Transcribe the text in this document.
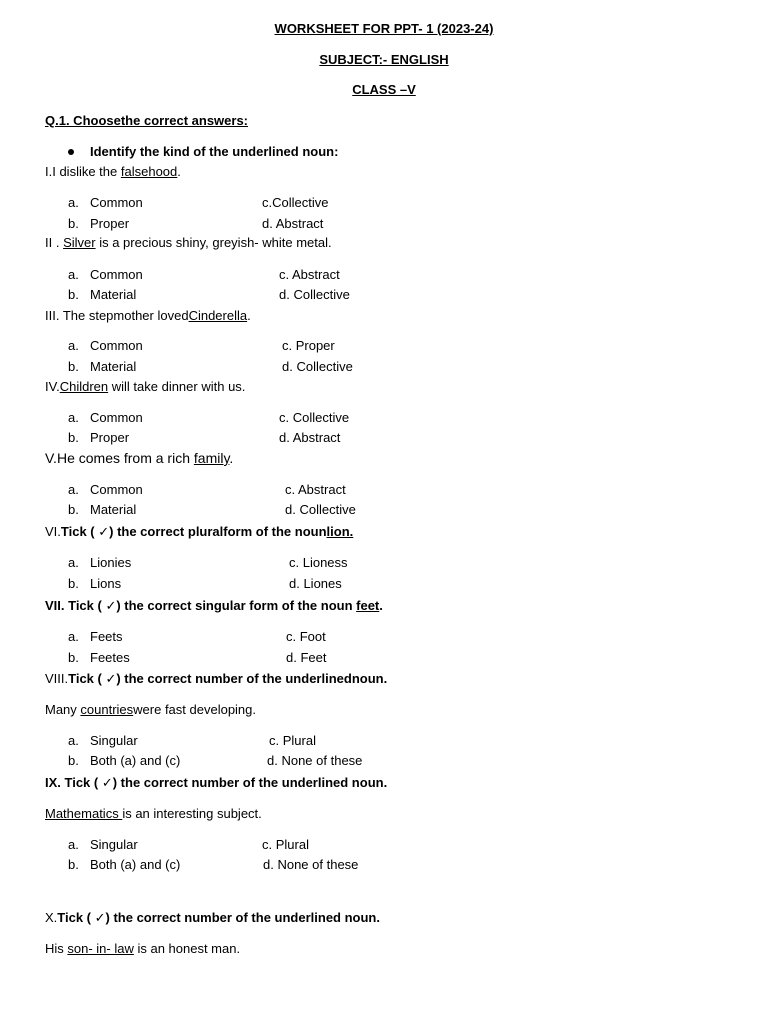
WORKSHEET FOR PPT- 1 (2023-24)
SUBJECT:- ENGLISH
CLASS –V
Q.1. Choosethe correct answers:
Identify the kind of the underlined noun:
I.I dislike the falsehood.
a. Common	c.Collective
b. Proper	d. Abstract
II . Silver is a precious shiny, greyish- white metal.
a. Common	c. Abstract
b. Material	d. Collective
III. The stepmother lovedCinderella.
a. Common	c. Proper
b. Material	d. Collective
IV.Children will take dinner with us.
a. Common	c. Collective
b. Proper	d. Abstract
V.He comes from a rich family.
a. Common	c. Abstract
b. Material	d. Collective
VI.Tick ( ✓) the correct pluralform of the nounlion.
a. Lionies	c. Lioness
b. Lions	d. Liones
VII. Tick ( ✓) the correct singular form of the noun feet.
a. Feets	c. Foot
b. Feetes	d. Feet
VIII.Tick ( ✓) the correct number of the underlinednoun.
Many countrieswere fast developing.
a. Singular	c. Plural
b. Both (a) and (c)	d. None of these
IX. Tick ( ✓) the correct number of the underlined noun.
Mathematics is an interesting subject.
a. Singular	c. Plural
b. Both (a) and (c)	d. None of these
X.Tick ( ✓) the correct number of the underlined noun.
His son- in- law is an honest man.
